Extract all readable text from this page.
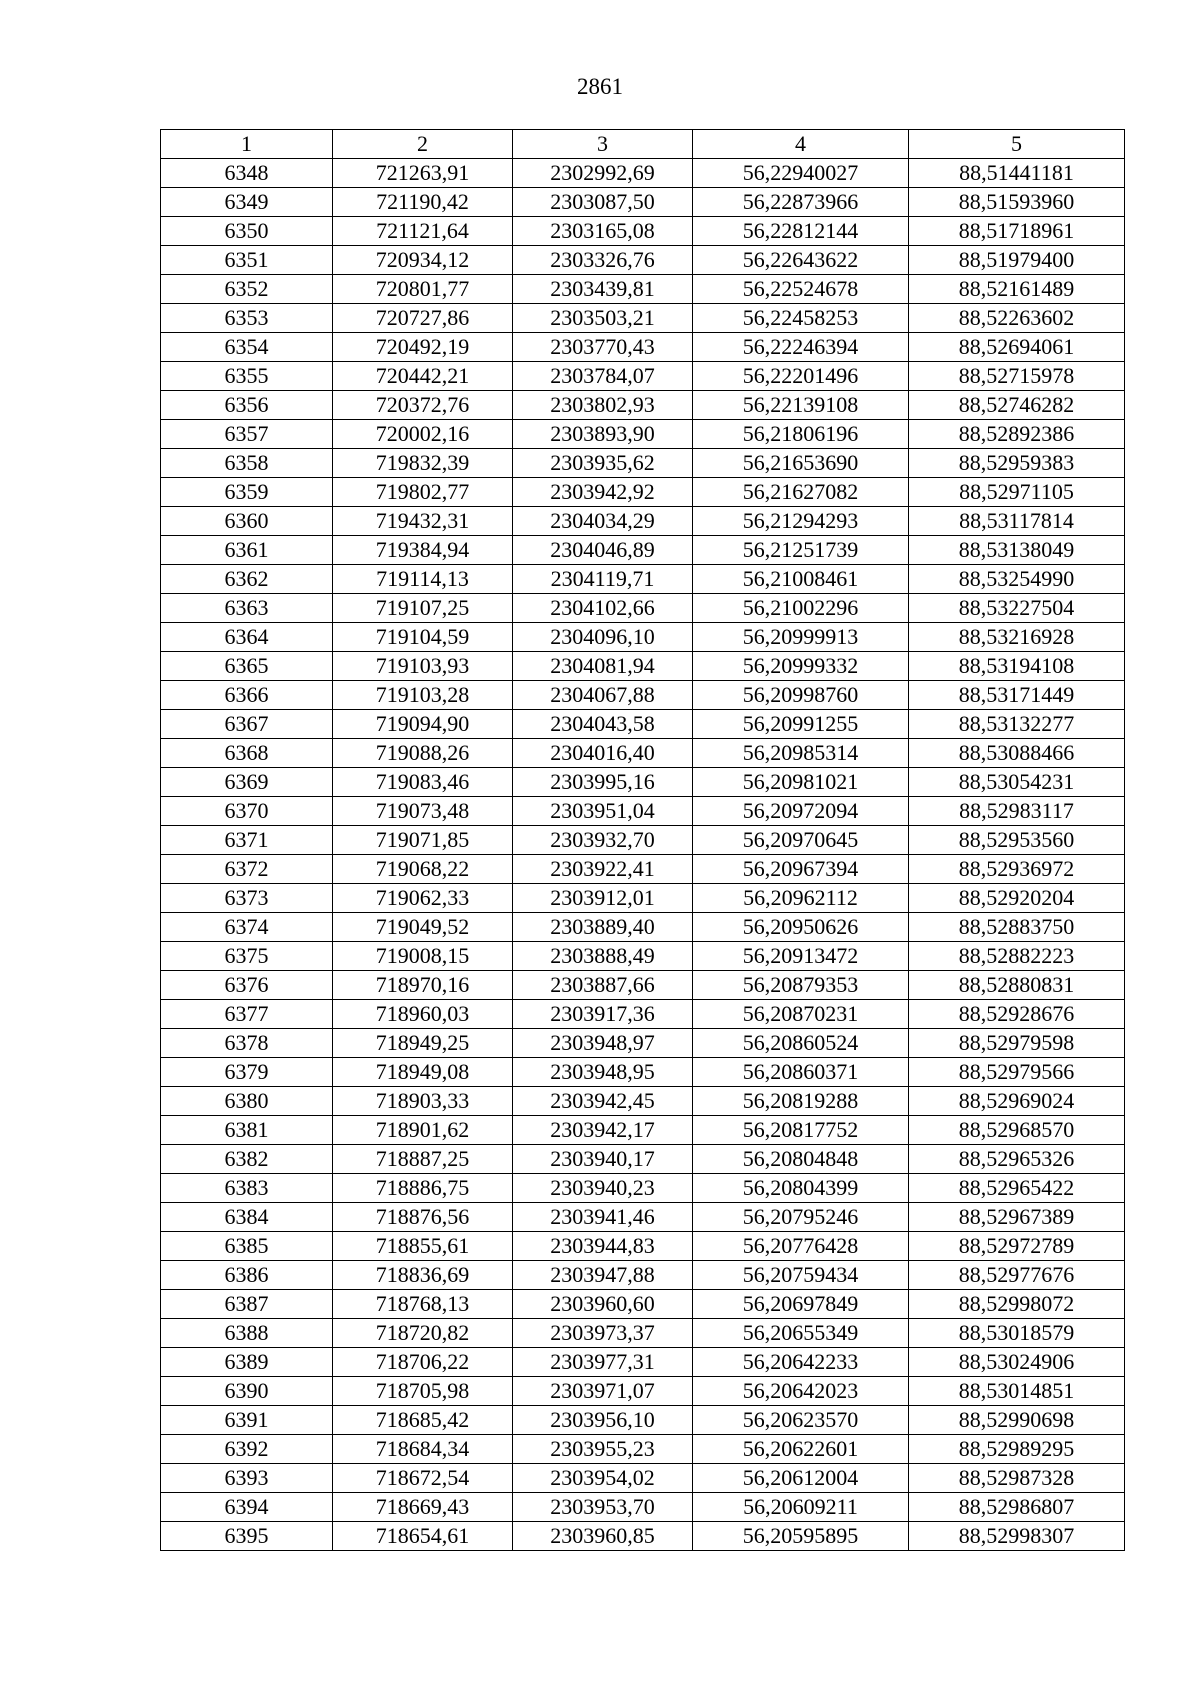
2861
1	2	3	4	5
6348	721263,91	2302992,69	56,22940027	88,51441181
6349	721190,42	2303087,50	56,22873966	88,51593960
6350	721121,64	2303165,08	56,22812144	88,51718961
6351	720934,12	2303326,76	56,22643622	88,51979400
6352	720801,77	2303439,81	56,22524678	88,52161489
6353	720727,86	2303503,21	56,22458253	88,52263602
6354	720492,19	2303770,43	56,22246394	88,52694061
6355	720442,21	2303784,07	56,22201496	88,52715978
6356	720372,76	2303802,93	56,22139108	88,52746282
6357	720002,16	2303893,90	56,21806196	88,52892386
6358	719832,39	2303935,62	56,21653690	88,52959383
6359	719802,77	2303942,92	56,21627082	88,52971105
6360	719432,31	2304034,29	56,21294293	88,53117814
6361	719384,94	2304046,89	56,21251739	88,53138049
6362	719114,13	2304119,71	56,21008461	88,53254990
6363	719107,25	2304102,66	56,21002296	88,53227504
6364	719104,59	2304096,10	56,20999913	88,53216928
6365	719103,93	2304081,94	56,20999332	88,53194108
6366	719103,28	2304067,88	56,20998760	88,53171449
6367	719094,90	2304043,58	56,20991255	88,53132277
6368	719088,26	2304016,40	56,20985314	88,53088466
6369	719083,46	2303995,16	56,20981021	88,53054231
6370	719073,48	2303951,04	56,20972094	88,52983117
6371	719071,85	2303932,70	56,20970645	88,52953560
6372	719068,22	2303922,41	56,20967394	88,52936972
6373	719062,33	2303912,01	56,20962112	88,52920204
6374	719049,52	2303889,40	56,20950626	88,52883750
6375	719008,15	2303888,49	56,20913472	88,52882223
6376	718970,16	2303887,66	56,20879353	88,52880831
6377	718960,03	2303917,36	56,20870231	88,52928676
6378	718949,25	2303948,97	56,20860524	88,52979598
6379	718949,08	2303948,95	56,20860371	88,52979566
6380	718903,33	2303942,45	56,20819288	88,52969024
6381	718901,62	2303942,17	56,20817752	88,52968570
6382	718887,25	2303940,17	56,20804848	88,52965326
6383	718886,75	2303940,23	56,20804399	88,52965422
6384	718876,56	2303941,46	56,20795246	88,52967389
6385	718855,61	2303944,83	56,20776428	88,52972789
6386	718836,69	2303947,88	56,20759434	88,52977676
6387	718768,13	2303960,60	56,20697849	88,52998072
6388	718720,82	2303973,37	56,20655349	88,53018579
6389	718706,22	2303977,31	56,20642233	88,53024906
6390	718705,98	2303971,07	56,20642023	88,53014851
6391	718685,42	2303956,10	56,20623570	88,52990698
6392	718684,34	2303955,23	56,20622601	88,52989295
6393	718672,54	2303954,02	56,20612004	88,52987328
6394	718669,43	2303953,70	56,20609211	88,52986807
6395	718654,61	2303960,85	56,20595895	88,52998307
